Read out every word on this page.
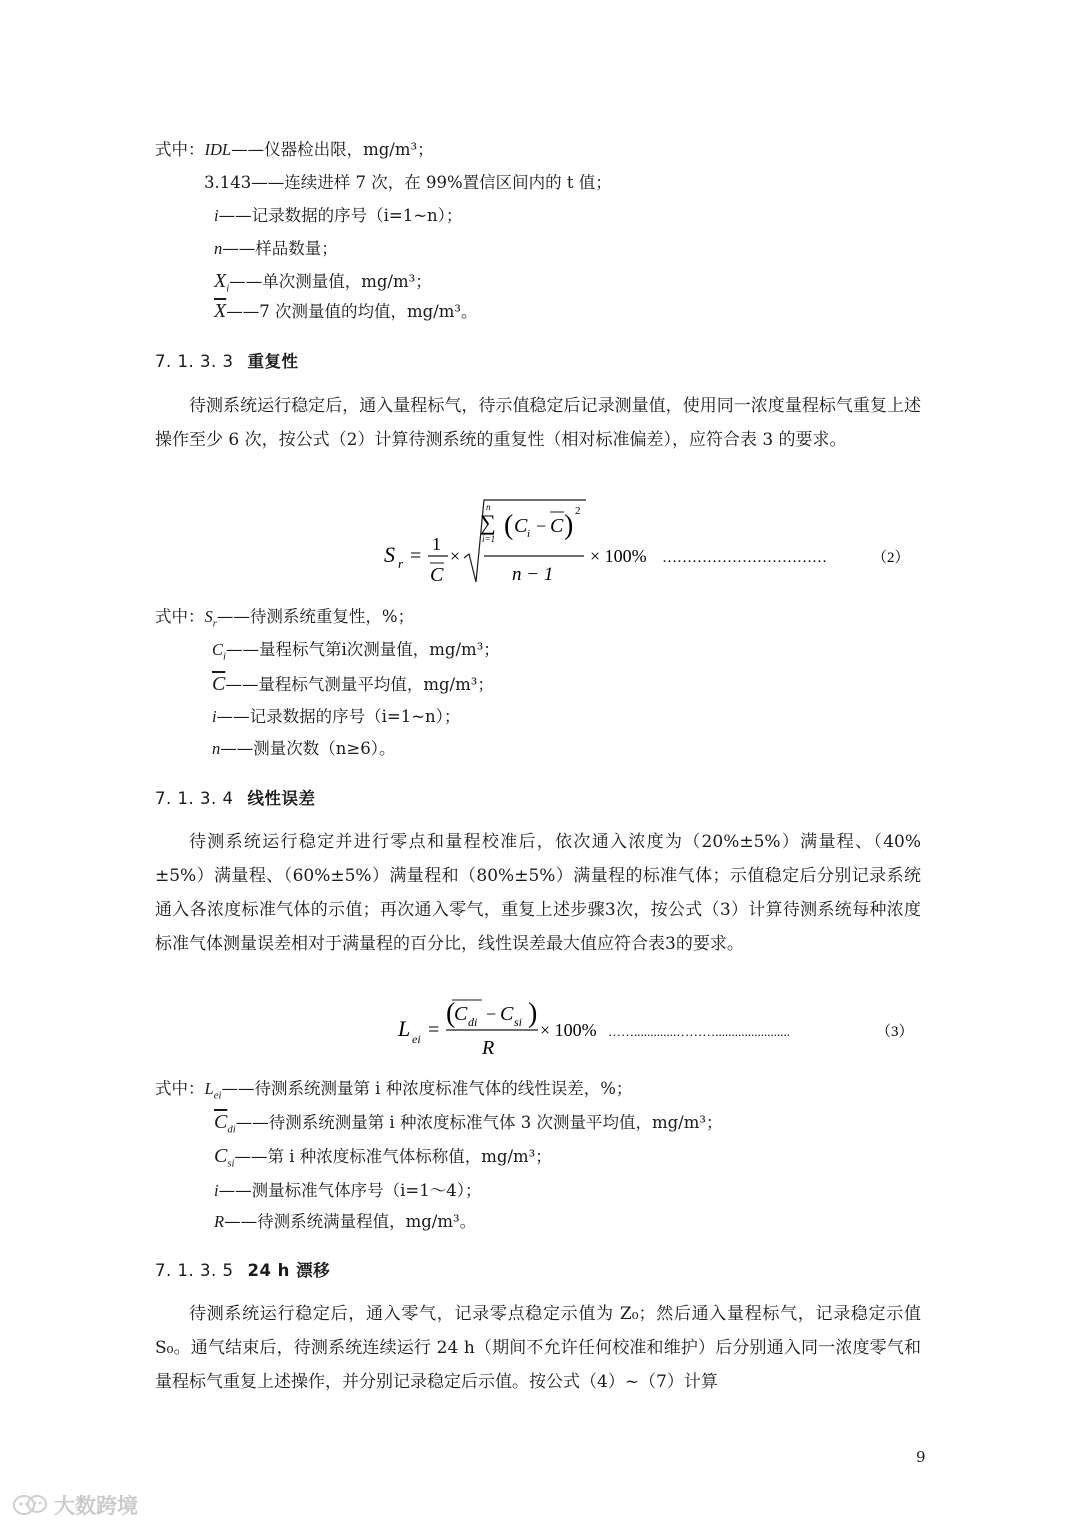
式中：IDL——仪器检出限，mg/m³；
3.143——连续进样 7 次，在 99%置信区间内的 t 值；
i——记录数据的序号（i=1~n）；
n——样品数量；
$X_i——$单次测量值，mg/m³；
$\overline{X}——7$ 次测量值的均值，mg/m³。
7. 1. 3. 3 重复性
待测系统运行稳定后，通入量程标气，待示值稳定后记录测量值，使用同一浓度量程标气重复上述操作至少 6 次，按公式（2）计算待测系统的重复性（相对标准偏差），应符合表 3 的要求。
S r =
1
C
×
n
∑
i=1 ( C i − C ) 2
n − 1
× 100% ……………………………	（2）
式中：$S_r——$待测系统重复性，%；
$C_i——$量程标气第i次测量值，mg/m³；
$\overline{C}——$量程标气测量平均值，mg/m³；
i——记录数据的序号（i=1~n）；
n——测量次数（n≥6）。
7. 1. 3. 4 线性误差
待测系统运行稳定并进行零点和量程校准后，依次通入浓度为（20%±5%）满量程、（40%±5%）满量程、（60%±5%）满量程和（80%±5%）满量程的标准气体；示值稳定后分别记录系统通入各浓度标准气体的示值；再次通入零气，重复上述步骤3次，按公式（3）计算待测系统每种浓度标准气体测量误差相对于满量程的百分比，线性误差最大值应符合表3的要求。
L ei =
(
C di − C si )
R
× 100% …….............……….......................	（3）
式中：$L_{ei}——$待测系统测量第 i 种浓度标准气体的线性误差，%；
$\overline{C}_{di}——$待测系统测量第 i 种浓度标准气体 3 次测量平均值，mg/m³；
$C_{si}——$第 i 种浓度标准气体标称值，mg/m³；
i——测量标准气体序号（i=1～4）；
R——待测系统满量程值，mg/m³。
7. 1. 3. 5 24 h 漂移
待测系统运行稳定后，通入零气，记录零点稳定示值为 Z₀；然后通入量程标气，记录稳定示值 S₀。通气结束后，待测系统连续运行 24 h（期间不允许任何校准和维护）后分别通入同一浓度零气和量程标气重复上述操作，并分别记录稳定后示值。按公式（4）~（7）计算
9
大数跨境
